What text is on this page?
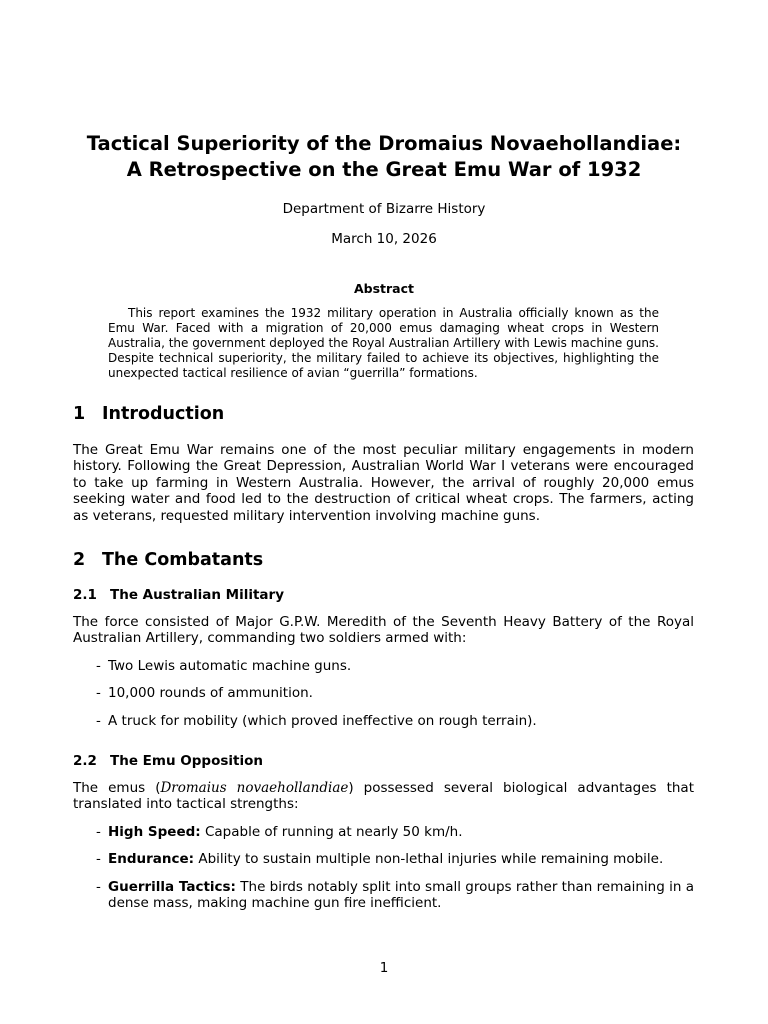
Tactical Superiority of the Dromaius Novaehollandiae:
A Retrospective on the Great Emu War of 1932

Department of Bizarre History

March 10, 2026

Abstract

This report examines the 1932 military operation in Australia officially known as the Emu War. Faced with a migration of 20,000 emus damaging wheat crops in Western Australia, the government deployed the Royal Australian Artillery with Lewis machine guns. Despite technical superiority, the military failed to achieve its objectives, highlighting the unexpected tactical resilience of avian “guerrilla” formations.

1 Introduction

The Great Emu War remains one of the most peculiar military engagements in modern history. Following the Great Depression, Australian World War I veterans were encouraged to take up farming in Western Australia. However, the arrival of roughly 20,000 emus seeking water and food led to the destruction of critical wheat crops. The farmers, acting as veterans, requested military intervention involving machine guns.

2 The Combatants
2.1 The Australian Military

The force consisted of Major G.P.W. Meredith of the Seventh Heavy Battery of the Royal Australian Artillery, commanding two soldiers armed with:

- Two Lewis automatic machine guns.
- 10,000 rounds of ammunition.
- A truck for mobility (which proved ineffective on rough terrain).
2.2 The Emu Opposition

The emus (Dromaius novaehollandiae) possessed several biological advantages that translated into tactical strengths:

- High Speed: Capable of running at nearly 50 km/h.
- Endurance: Ability to sustain multiple non-lethal injuries while remaining mobile.
- Guerrilla Tactics: The birds notably split into small groups rather than remaining in a dense mass, making machine gun fire inefficient.

1
